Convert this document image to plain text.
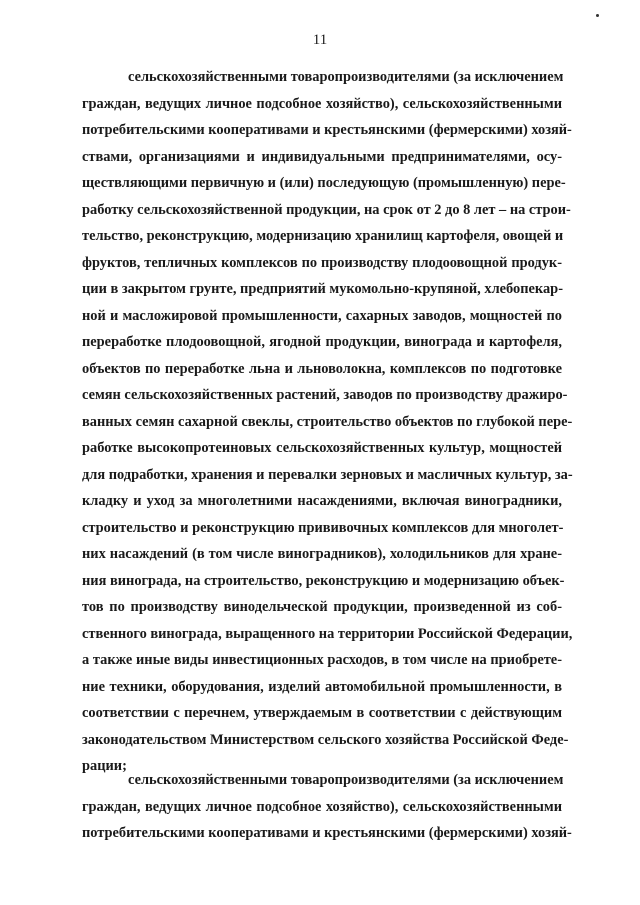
11
сельскохозяйственными товаропроизводителями (за исключением
граждан, ведущих личное подсобное хозяйство), сельскохозяйственными
потребительскими кооперативами и крестьянскими (фермерскими) хозяй-
ствами, организациями и индивидуальными предпринимателями, осу-
ществляющими первичную и (или) последующую (промышленную) пере-
работку сельскохозяйственной продукции, на срок от 2 до 8 лет – на строи-
тельство, реконструкцию, модернизацию хранилищ картофеля, овощей и
фруктов, тепличных комплексов по производству плодоовощной продук-
ции в закрытом грунте, предприятий мукомольно-крупяной, хлебопекар-
ной и масложировой промышленности, сахарных заводов, мощностей по
переработке плодоовощной, ягодной продукции, винограда и картофеля,
объектов по переработке льна и льноволокна, комплексов по подготовке
семян сельскохозяйственных растений, заводов по производству дражиро-
ванных семян сахарной свеклы, строительство объектов по глубокой пере-
работке высокопротеиновых сельскохозяйственных культур, мощностей
для подработки, хранения и перевалки зерновых и масличных культур, за-
кладку и уход за многолетними насаждениями, включая виноградники,
строительство и реконструкцию прививочных комплексов для многолет-
них насаждений (в том числе виноградников), холодильников для хране-
ния винограда, на строительство, реконструкцию и модернизацию объек-
тов по производству винодельческой продукции, произведенной из соб-
ственного винограда, выращенного на территории Российской Федерации,
а также иные виды инвестиционных расходов, в том числе на приобрете-
ние техники, оборудования, изделий автомобильной промышленности, в
соответствии с перечнем, утверждаемым в соответствии с действующим
законодательством Министерством сельского хозяйства Российской Феде-
рации;
сельскохозяйственными товаропроизводителями (за исключением
граждан, ведущих личное подсобное хозяйство), сельскохозяйственными
потребительскими кооперативами и крестьянскими (фермерскими) хозяй-
